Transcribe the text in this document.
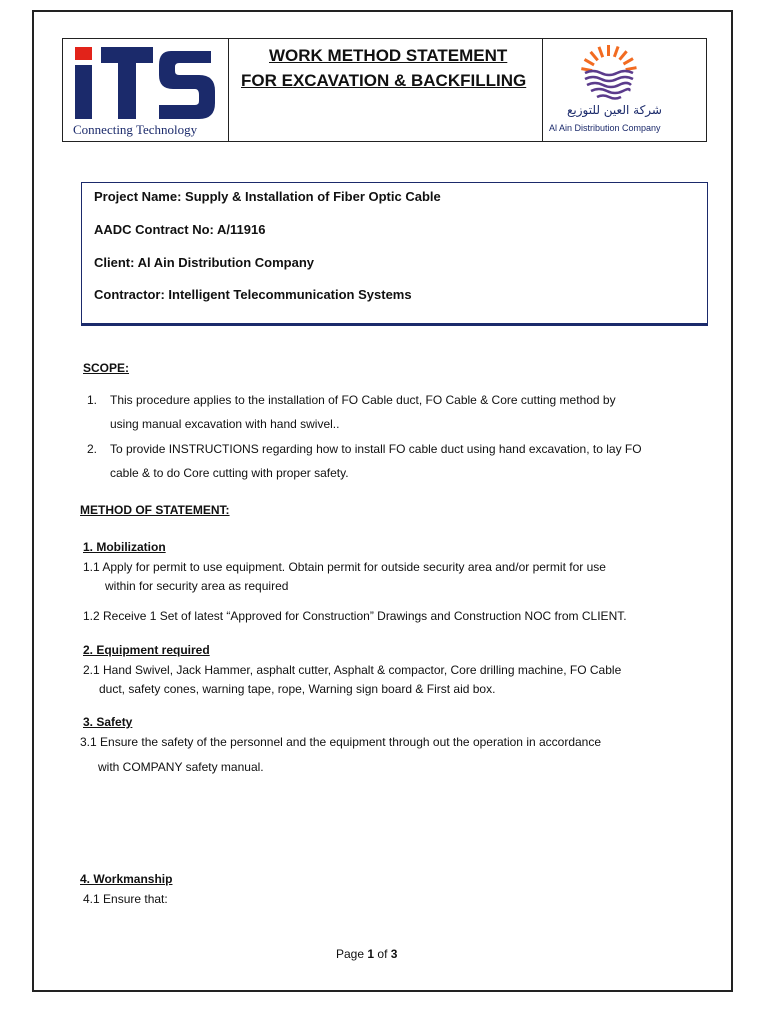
Connecting Technology
WORK METHOD STATEMENT
FOR EXCAVATION & BACKFILLING
شركة العين للتوزيع
Al Ain Distribution Company
Project Name: Supply & Installation of Fiber Optic Cable
AADC Contract No: A/11916
Client: Al Ain Distribution Company
Contractor: Intelligent Telecommunication Systems
SCOPE:
1. This procedure applies to the installation of FO Cable duct, FO Cable & Core cutting method by
using manual excavation with hand swivel..
2. To provide INSTRUCTIONS regarding how to install FO cable duct using hand excavation, to lay FO
cable & to do Core cutting with proper safety.
METHOD OF STATEMENT:
1. Mobilization
1.1 Apply for permit to use equipment. Obtain permit for outside security area and/or permit for use
within for security area as required
1.2 Receive 1 Set of latest “Approved for Construction” Drawings and Construction NOC from CLIENT.
2. Equipment required
2.1 Hand Swivel, Jack Hammer, asphalt cutter, Asphalt & compactor, Core drilling machine, FO Cable
duct, safety cones, warning tape, rope, Warning sign board & First aid box.
3. Safety
3.1 Ensure the safety of the personnel and the equipment through out the operation in accordance
with COMPANY safety manual.
4. Workmanship
4.1 Ensure that:
Page 1 of 3
